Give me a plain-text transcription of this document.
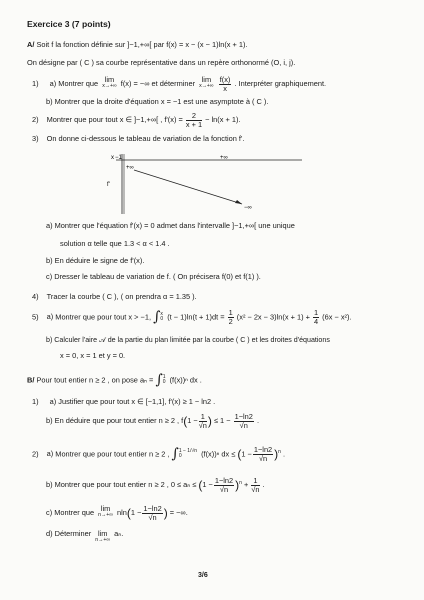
Exercice 3 (7 points)
A/ Soit f la fonction définie sur ]−1,+∞[ par f(x) = x − (x − 1)ln(x + 1).
On désigne par ( C ) sa courbe représentative dans un repère orthonormé (O, i, j).
1) a) Montrer que lim
x→+∞ f(x) = −∞ et déterminer lim
x→+∞
$\frac{f(x)}{x}$ . Interpréter graphiquement.
b) Montrer que la droite d'équation x = −1 est une asymptote à ( C ).
2) Montrer que pour tout x ∈ ]−1,+∞[ , $f'(x) = \frac{2}{x + 1} - \ln(x + 1)$.
3) On donne ci-dessous le tableau de variation de la fonction f'.
x −1	+∞
f'
+∞
−∞
a) Montrer que l'équation f'(x) = 0 admet dans l'intervalle ]−1,+∞[ une unique
solution α telle que 1.3 < α < 1.4 .
b) En déduire le signe de f'(x).
c) Dresser le tableau de variation de f. ( On précisera f(0) et f(1) ).
4) Tracer la courbe ( C ), ( on prendra α = 1.35 ).
5) a) Montrer que pour tout x > −1, ∫x
0 $(t - 1)\ln(t + 1)dt = \frac{1}{2} (x^2 - 2x - 3)\ln(x + 1) + \frac{1}{4} (6x - x^2)$.
b) Calculer l'aire 𝒜 de la partie du plan limitée par la courbe ( C ) et les droites d'équations
x = 0, x = 1 et y = 0.
B/ Pour tout entier n ≥ 2 , on pose aₙ = ∫1
0 (f(x))ⁿ dx .
1) a) Justifier que pour tout x ∈ [−1,1], f'(x) ≥ 1 − ln2 .
b) En déduire que pour tout entier n ≥ 2 , $f(1 - \frac{1}{√n}$ ) ≤ $1 - \frac{1-\ln 2}{√n}$ .
2) a) Montrer que pour tout entier n ≥ 2 , ∫1 − 1/√n
0	(f(x))ⁿ dx ≤ $(1 - \frac{1-\ln 2}{√n} )^n$ .
b) Montrer que pour tout entier n ≥ 2 , $0 \le a_n \le (1 - \frac{1-\ln 2}{√n} )^n + \frac{1}{√n}$ .
c) Montrer que lim
n→+∞ $nln(1 - \frac{1-\ln 2}{√n}$ ) = −∞.
d) Déterminer lim
n→+∞
aₙ.
3/6
